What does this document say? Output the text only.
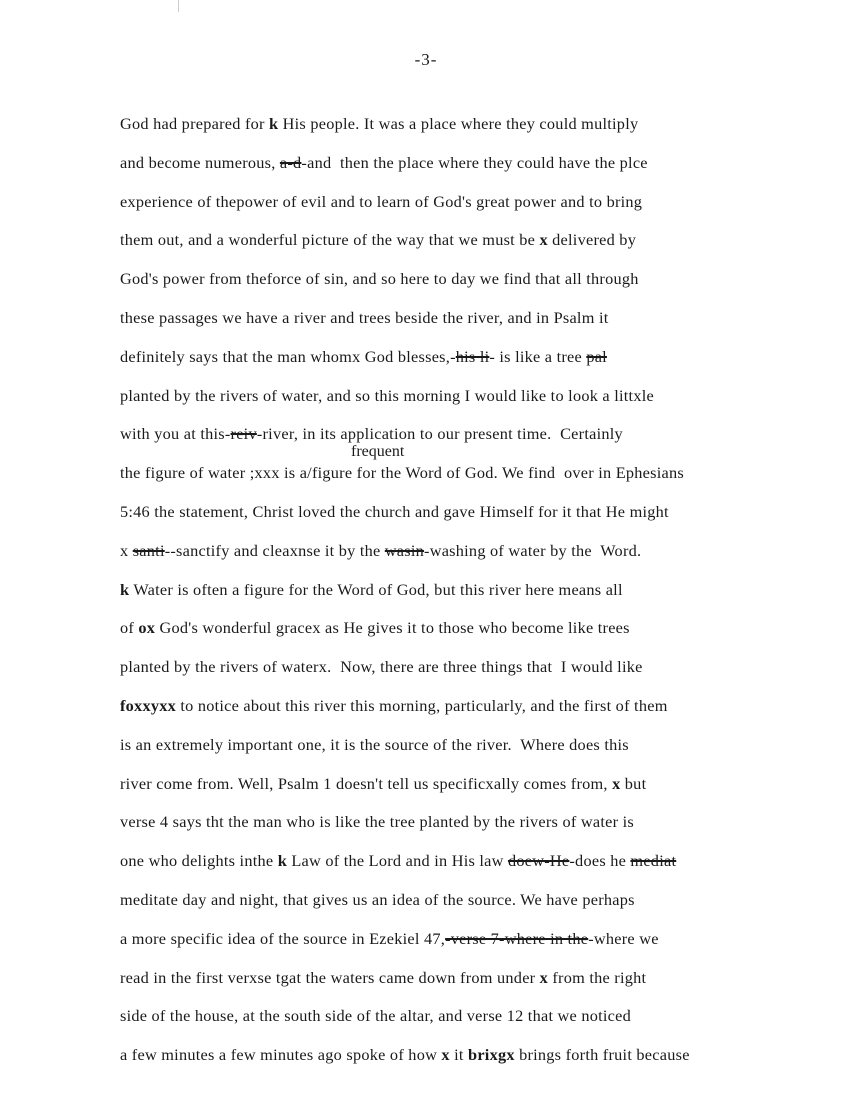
-3-
God had prepared for k His people. It was a place where they could multiply
and become numerous, a-d-and  then the place where they could have the plce
experience of thepower of evil and to learn of God's great power and to bring
them out, and a wonderful picture of the way that we must be x delivered by
God's power from theforce of sin, and so here to day we find that all through
these passages we have a river and trees beside the river, and in Psalm it
definitely says that the man whomx God blesses,-his li- is like a tree pal
planted by the rivers of water, and so this morning I would like to look a littxle
with you at this-reiv-river, in its application to our present time.  Certainly
the figure of water ;xxx is a/figure for the Word of God. We find  over in Ephesians
5:46 the statement, Christ loved the church and gave Himself for it that He might
x santi--sanctify and cleaxnse it by the wasin-washing of water by the  Word.
k Water is often a figure for the Word of God, but this river here means all
of ox God's wonderful gracex as He gives it to those who become like trees
planted by the rivers of waterx.  Now, there are three things that  I would like
foxxyxx to notice about this river this morning, particularly, and the first of them
is an extremely important one, it is the source of the river.  Where does this
river come from. Well, Psalm 1 doesn't tell us specificxally comes from, x but
verse 4 says tht the man who is like the tree planted by the rivers of water is
one who delights inthe k Law of the Lord and in His law doew-He-does he mediat
meditate day and night, that gives us an idea of the source. We have perhaps
a more specific idea of the source in Ezekiel 47,-verse 7-where in the-where we
read in the first verxse tgat the waters came down from under x from the right
side of the house, at the south side of the altar, and verse 12 that we noticed
a few minutes a few minutes ago spoke of how x it brixgx brings forth fruit because
frequent
